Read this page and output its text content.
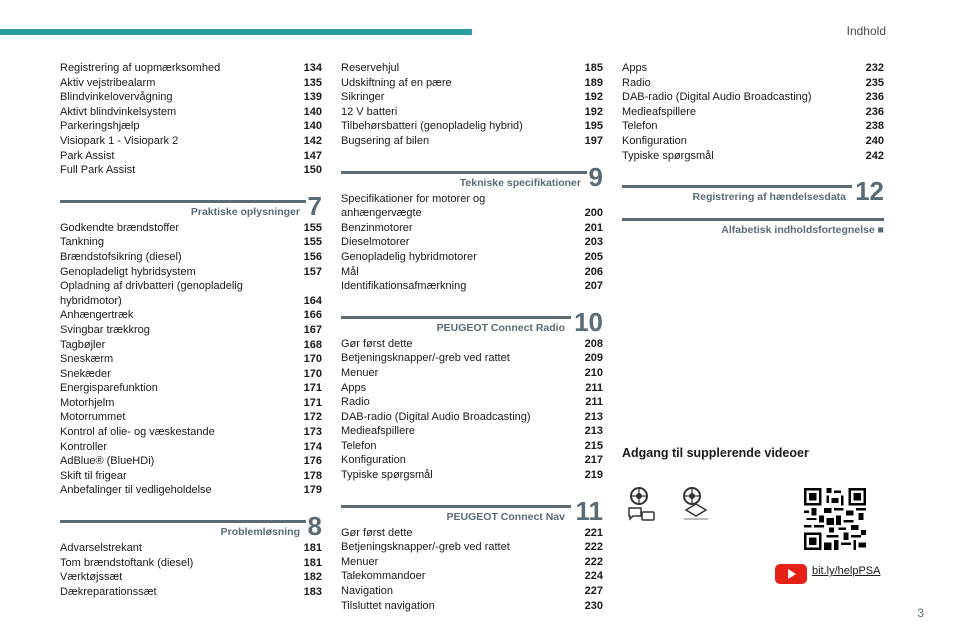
Indhold
Registrering af uopmærksomhed	134
Aktiv vejstribealarm	135
Blindvinkelovervågning	139
Aktivt blindvinkelsystem	140
Parkeringshjælp	140
Visiopark 1 - Visiopark 2	142
Park Assist	147
Full Park Assist	150
Praktiske oplysninger 7
Godkendte brændstoffer	155
Tankning	155
Brændstofsikring (diesel)	156
Genopladeligt hybridsystem	157
Opladning af drivbatteri (genopladelig
hybridmotor)	164
Anhængertræk	166
Svingbar trækkrog	167
Tagbøjler	168
Sneskærm	170
Snekæder	170
Energisparefunktion	171
Motorhjelm	171
Motorrummet	172
Kontrol af olie- og væskestande	173
Kontroller	174
AdBlue® (BlueHDi)	176
Skift til frigear	178
Anbefalinger til vedligeholdelse	179
Problemløsning 8
Advarselstrekant	181
Tom brændstoftank (diesel)	181
Værktøjssæt	182
Dækreparationssæt	183
Reservehjul	185
Udskiftning af en pære	189
Sikringer	192
12 V batteri	192
Tilbehørsbatteri (genopladelig hybrid)	195
Bugsering af bilen	197
Tekniske specifikationer 9
Specifikationer for motorer og
anhængervægte	200
Benzinmotorer	201
Dieselmotorer	203
Genopladelig hybridmotorer	205
Mål	206
Identifikationsafmærkning	207
PEUGEOT Connect Radio 10
Gør først dette	208
Betjeningsknapper/-greb ved rattet	209
Menuer	210
Apps	211
Radio	211
DAB-radio (Digital Audio Broadcasting)	213
Medieafspillere	213
Telefon	215
Konfiguration	217
Typiske spørgsmål	219
PEUGEOT Connect Nav 11
Gør først dette	221
Betjeningsknapper/-greb ved rattet	222
Menuer	222
Talekommandoer	224
Navigation	227
Tilsluttet navigation	230
Apps	232
Radio	235
DAB-radio (Digital Audio Broadcasting)	236
Medieafspillere	236
Telefon	238
Konfiguration	240
Typiske spørgsmål	242
Registrering af hændelsesdata 12
Alfabetisk indholdsfortegnelse ■
Adgang til supplerende videoer
bit.ly/helpPSA
3
